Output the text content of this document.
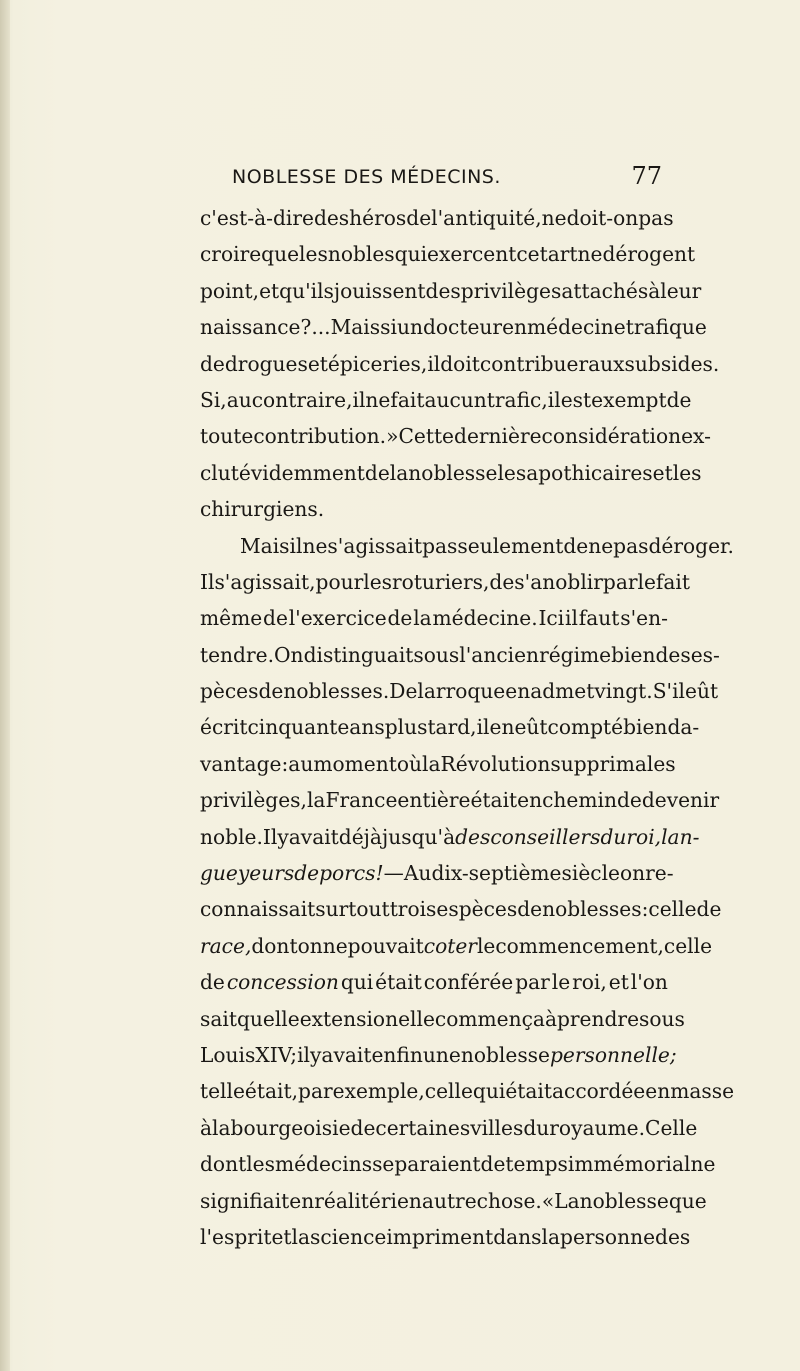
NOBLESSE DES MÉDECINS.	77
c'est-à-dire des héros de l'antiquité, ne doit-on pas
croire que les nobles qui exercent cet art ne dérogent
point, et qu'ils jouissent des privilèges attachés à leur
naissance ?... Mais si un docteur en médecine trafique
de drogues et épiceries, il doit contribuer aux subsides.
Si, au contraire, il ne fait aucun trafic, il est exempt de
toute contribution. » Cette dernière considération ex-
clut évidemment de la noblesse les apothicaires et les
chirurgiens.
Mais il ne s'agissait pas seulement de ne pas déroger.
Il s'agissait, pour les roturiers, de s'anoblir par le fait
même de l'exercice de la médecine. Ici il faut s'en-
tendre. On distinguait sous l'ancien régime bien des es-
pèces de noblesses. Delarroque en admet vingt. S'il eût
écrit cinquante ans plus tard, il en eût compté bien da-
vantage : au moment où la Révolution supprima les
privilèges, la France entière était en chemin de devenir
noble. Il y avait déjà jusqu'à des conseillers du roi, lan-
gueyeurs de porcs ! — Au dix-septième siècle on re-
connaissait surtout trois espèces de noblesses : celle de
race, dont on ne pouvait coter le commencement, celle
de concession qui était conférée par le roi, et l'on
sait quelle extension elle commença à prendre sous
Louis XIV; il y avait enfin une noblesse personnelle ;
telle était, par exemple, celle qui était accordée en masse
à la bourgeoisie de certaines villes du royaume. Celle
dont les médecins se paraient de temps immémorial ne
signifiait en réalité rien autre chose. « La noblesse que
l'esprit et la science impriment dans la personne des
